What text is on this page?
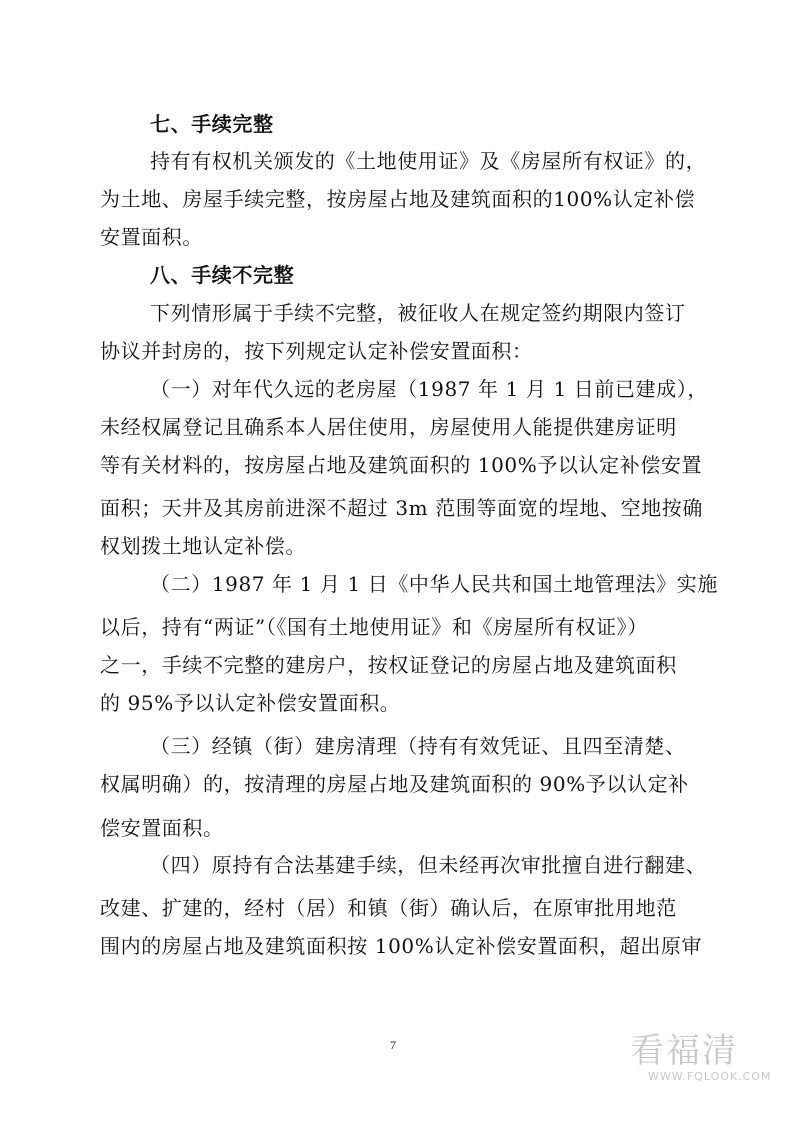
七、手续完整
持有有权机关颁发的《土地使用证》及《房屋所有权证》的，
为土地、房屋手续完整，按房屋占地及建筑面积的100%认定补偿
安置面积。
八、手续不完整
下列情形属于手续不完整，被征收人在规定签约期限内签订
协议并封房的，按下列规定认定补偿安置面积：
（一）对年代久远的老房屋（1987 年 1 月 1 日前已建成），
未经权属登记且确系本人居住使用，房屋使用人能提供建房证明
等有关材料的，按房屋占地及建筑面积的 100%予以认定补偿安置
面积；天井及其房前进深不超过 3m 范围等面宽的埕地、空地按确
权划拨土地认定补偿。
（二）1987 年 1 月 1 日《中华人民共和国土地管理法》实施
以后，持有“两证”（《国有土地使用证》和《房屋所有权证》）
之一，手续不完整的建房户，按权证登记的房屋占地及建筑面积
的 95%予以认定补偿安置面积。
（三）经镇（街）建房清理（持有有效凭证、且四至清楚、
权属明确）的，按清理的房屋占地及建筑面积的 90%予以认定补
偿安置面积。
（四）原持有合法基建手续，但未经再次审批擅自进行翻建、
改建、扩建的，经村（居）和镇（街）确认后，在原审批用地范
围内的房屋占地及建筑面积按 100%认定补偿安置面积，超出原审
7	看福清
WWW.FQLOOK.COM
